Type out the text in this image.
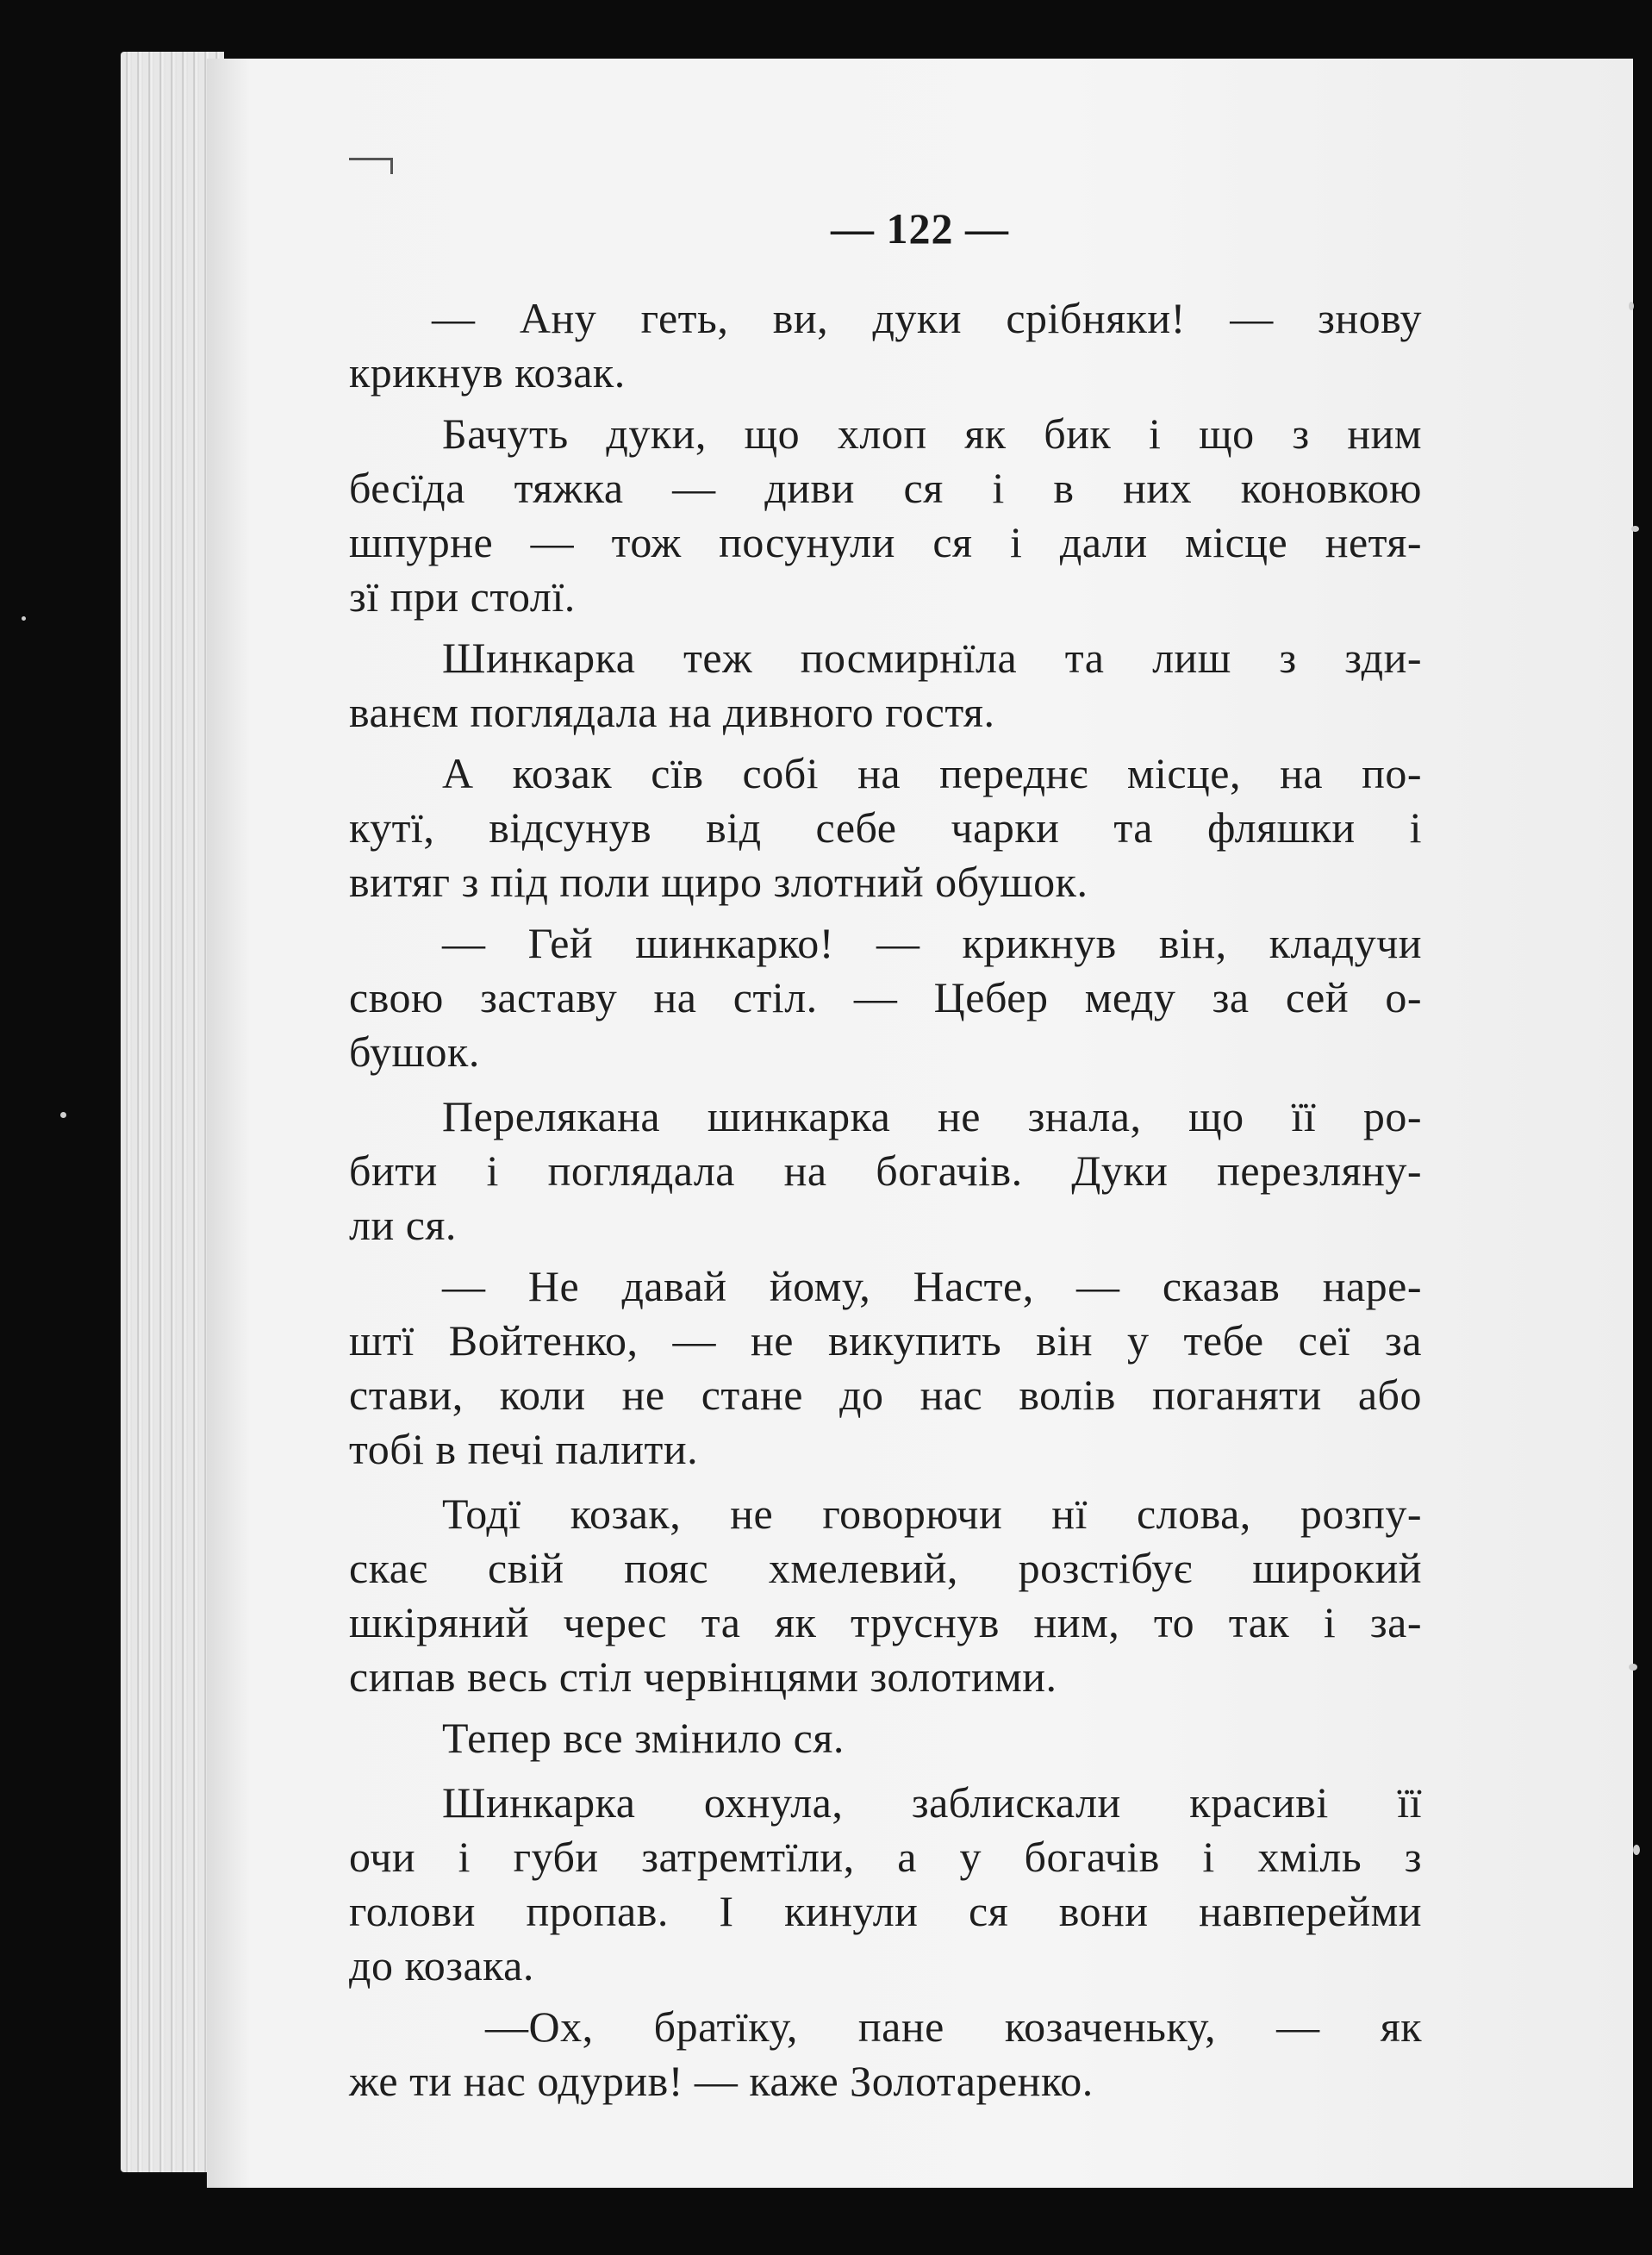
— 122 —
— Ану геть, ви, дуки срібняки! — знову
крикнув козак.
Бачуть дуки, що хлоп як бик і що з ним
бесїда тяжка — диви ся і в них коновкою
шпурне — тож посунули ся і дали місце нетя-
зї при столї.
Шинкарка теж посмирнїла та лиш з зди-
ванєм поглядала на дивного гостя.
А козак сїв собі на переднє місце, на по-
кутї, відсунув від себе чарки та фляшки і
витяг з під поли щиро злотний обушок.
— Гей шинкарко! — крикнув він, кладучи
свою заставу на стіл. — Цебер меду за сей о-
бушок.
Перелякана шинкарка не знала, що її ро-
бити і поглядала на богачів. Дуки перезляну-
ли ся.
— Не давай йому, Насте, — сказав наре-
штї Войтенко, — не викупить він у тебе сеї за
стави, коли не стане до нас волів поганяти або
тобі в печі палити.
Тодї козак, не говорючи нї слова, розпу-
скає свій пояс хмелевий, розстібує широкий
шкіряний черес та як труснув ним, то так і за-
сипав весь стіл червінцями золотими.
Тепер все змінило ся.
Шинкарка охнула, заблискали красиві її
очи і губи затремтїли, а у богачів і хміль з
голови пропав. І кинули ся вони навперейми
до козака.
—Ох, братїку, пане козаченьку, — як
же ти нас одурив! — каже Золотаренко.
